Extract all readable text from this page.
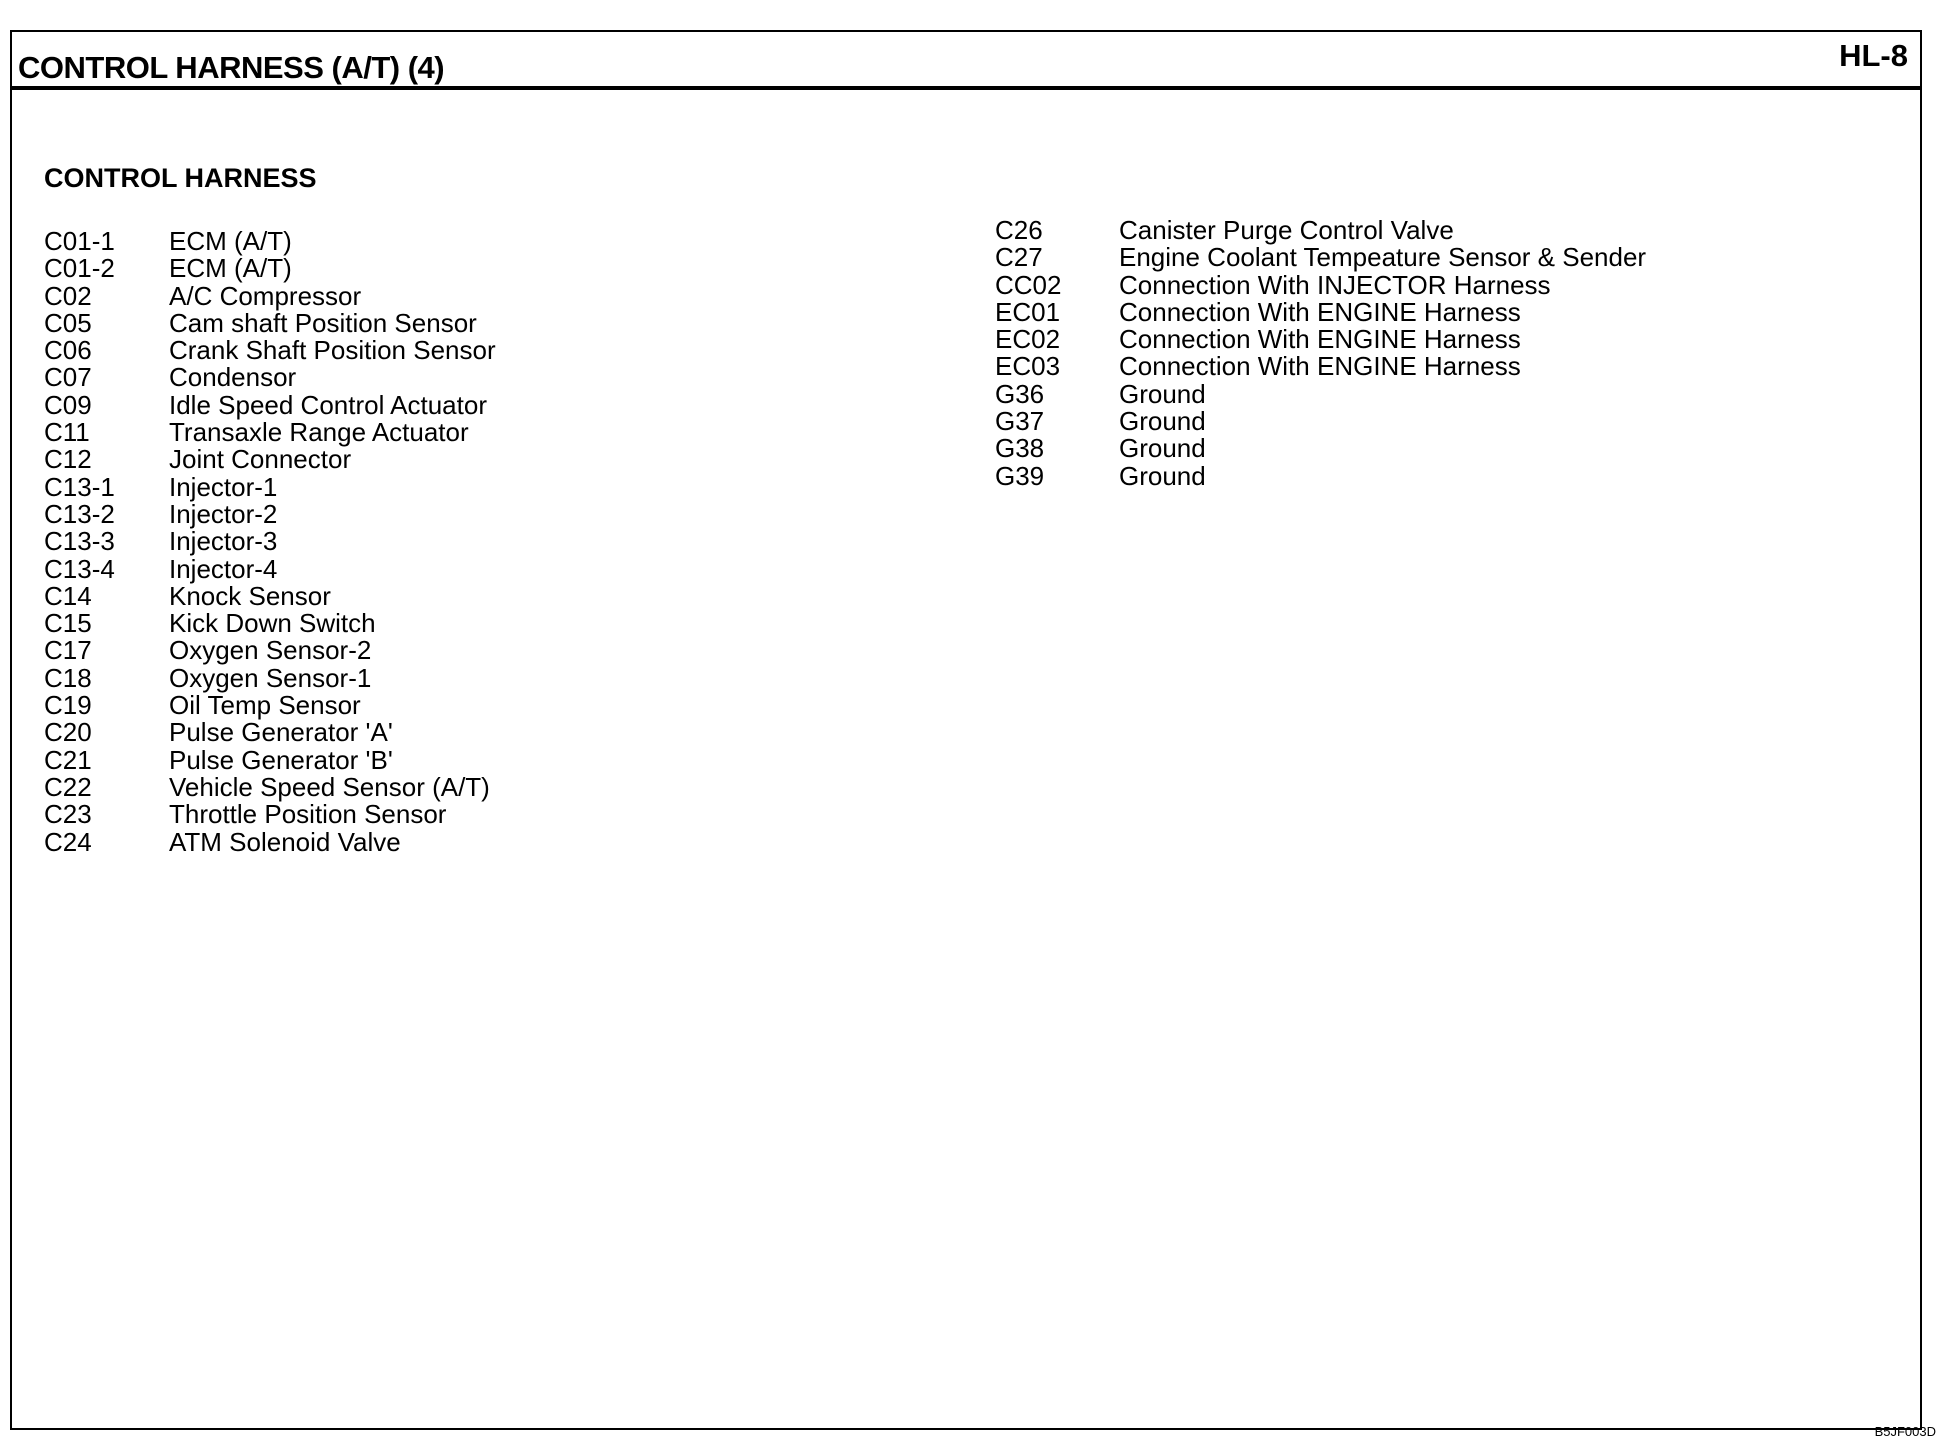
CONTROL HARNESS (A/T) (4)	HL-8
CONTROL HARNESS
C01-1	ECM (A/T)
C01-2	ECM (A/T)
C02	A/C Compressor
C05	Cam shaft Position Sensor
C06	Crank Shaft Position Sensor
C07	Condensor
C09	Idle Speed Control Actuator
C11	Transaxle Range Actuator
C12	Joint Connector
C13-1	Injector-1
C13-2	Injector-2
C13-3	Injector-3
C13-4	Injector-4
C14	Knock Sensor
C15	Kick Down Switch
C17	Oxygen Sensor-2
C18	Oxygen Sensor-1
C19	Oil Temp Sensor
C20	Pulse Generator 'A'
C21	Pulse Generator 'B'
C22	Vehicle Speed Sensor (A/T)
C23	Throttle Position Sensor
C24	ATM Solenoid Valve
C26	Canister Purge Control Valve
C27	Engine Coolant Tempeature Sensor & Sender
CC02	Connection With INJECTOR Harness
EC01	Connection With ENGINE Harness
EC02	Connection With ENGINE Harness
EC03	Connection With ENGINE Harness
G36	Ground
G37	Ground
G38	Ground
G39	Ground
B5JF003D
